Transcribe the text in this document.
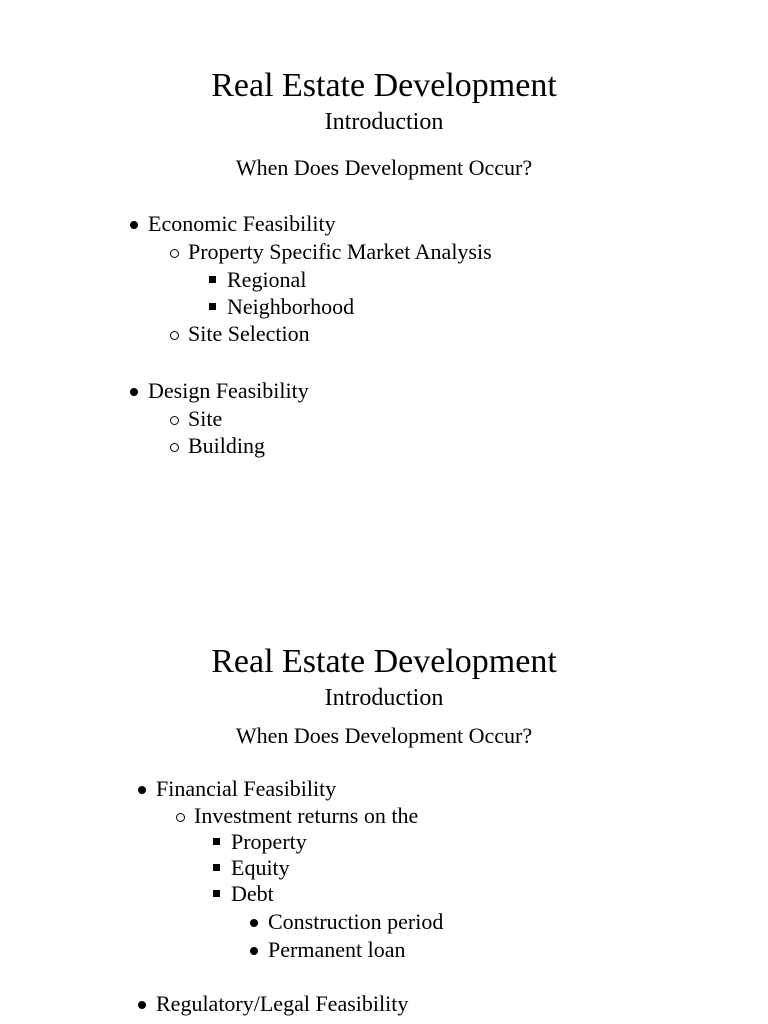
Real Estate Development
Introduction
When Does Development Occur?
Economic Feasibility
Property Specific Market Analysis
Regional
Neighborhood
Site Selection
Design Feasibility
Site
Building
Real Estate Development
Introduction
When Does Development Occur?
Financial Feasibility
Investment returns on the
Property
Equity
Debt
Construction period
Permanent loan
Regulatory/Legal Feasibility
